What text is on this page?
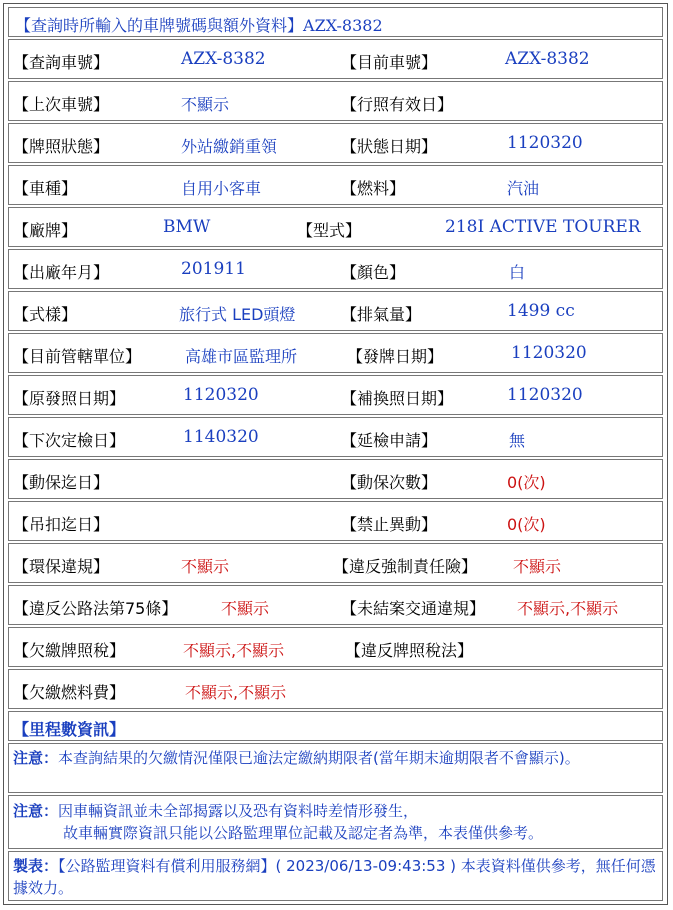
【查詢時所輸入的車牌號碼與額外資料】AZX-8382
【查詢車號】	AZX-8382	【目前車號】	AZX-8382
【上次車號】	不顯示	【行照有效日】
【牌照狀態】	外站繳銷重領	【狀態日期】	1120320
【車種】	自用小客車	【燃料】	汽油
【廠牌】	BMW	【型式】	218I ACTIVE TOURER
【出廠年月】	201911	【顏色】	白
【式樣】	旅行式 LED頭燈	【排氣量】	1499 cc
【目前管轄單位】	高雄市區監理所	【發牌日期】	1120320
【原發照日期】	1120320	【補換照日期】	1120320
【下次定檢日】	1140320	【延檢申請】	無
【動保迄日】	【動保次數】	0(次)
【吊扣迄日】	【禁止異動】	0(次)
【環保違規】	不顯示	【違反強制責任險】 不顯示
【違反公路法第75條】	不顯示	【未結案交通違規】 不顯示,不顯示
【欠繳牌照稅】	不顯示,不顯示	【違反牌照稅法】
【欠繳燃料費】	不顯示,不顯示
【里程數資訊】
注意：本查詢結果的欠繳情況僅限已逾法定繳納期限者(當年期末逾期限者不會顯示)。
注意：因車輛資訊並未全部揭露以及恐有資料時差情形發生，
故車輛實際資訊只能以公路監理單位記載及認定者為準，本表僅供參考。
製表：【公路監理資料有償利用服務網】( 2023/06/13-09:43:53 ) 本表資料僅供參考，無任何憑據效力。
